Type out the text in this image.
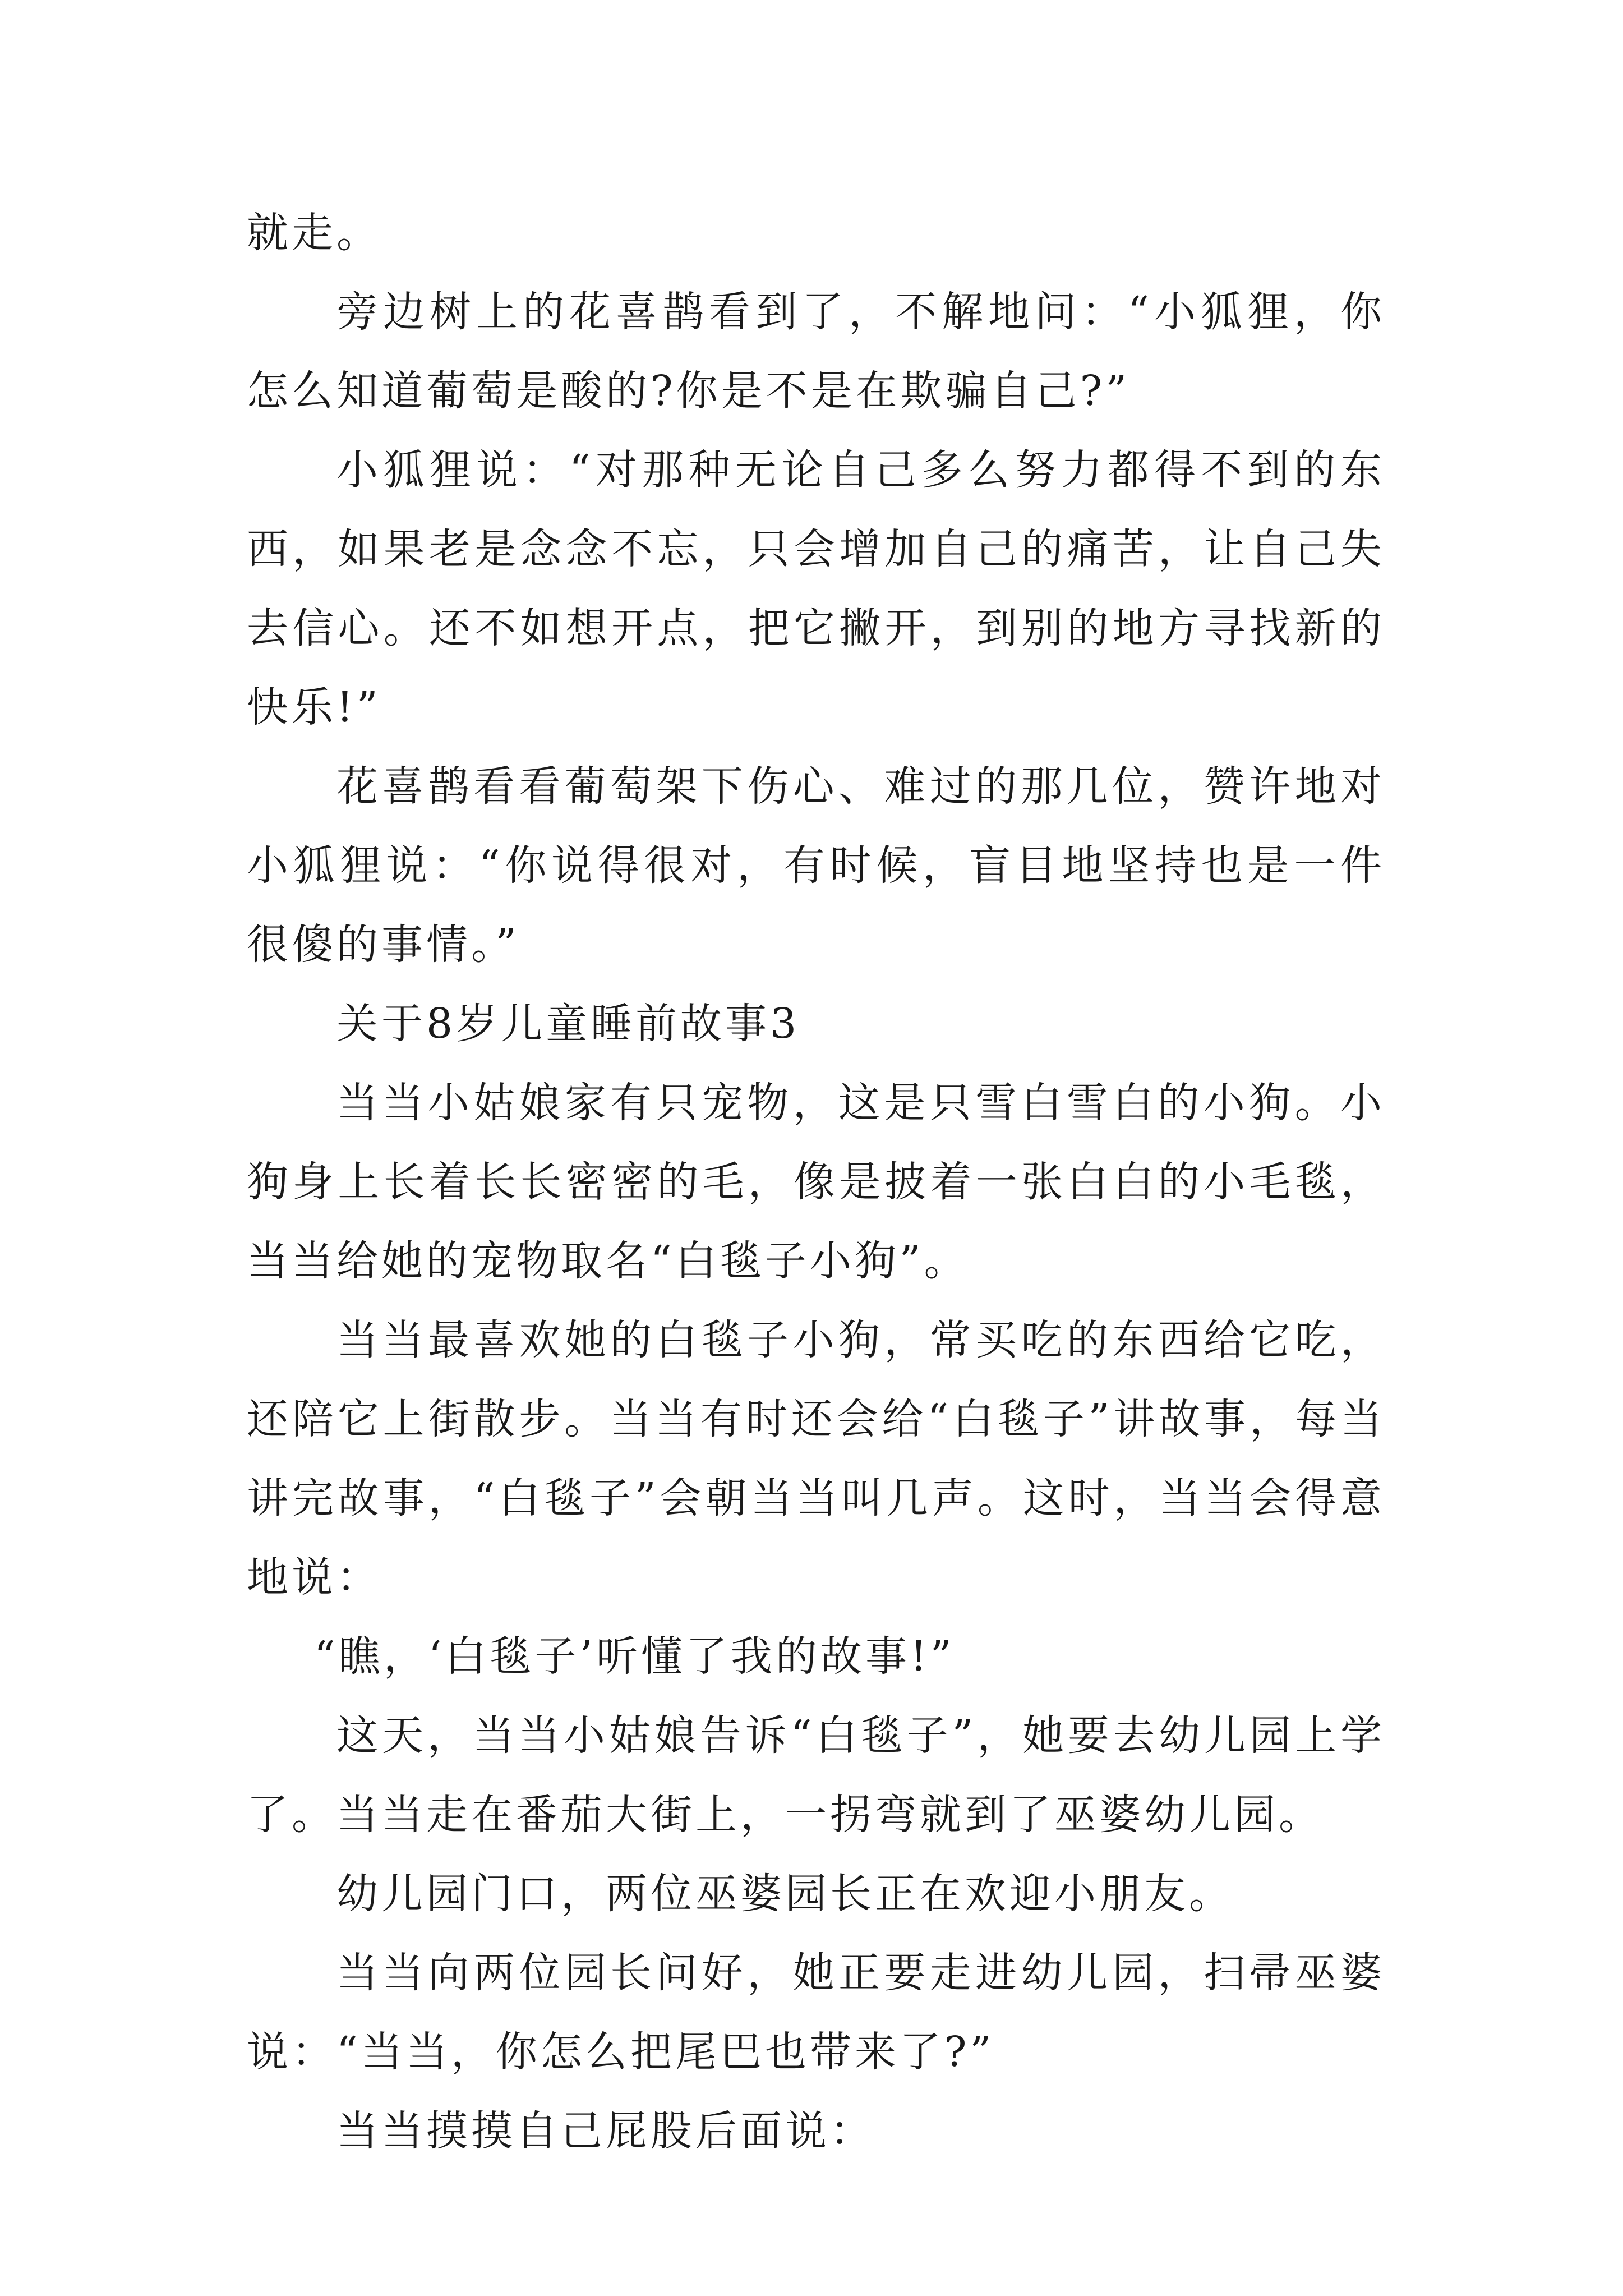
就走。

旁边树上的花喜鹊看到了，不解地问：“小狐狸，你怎么知道葡萄是酸的?你是不是在欺骗自己?”

小狐狸说：“对那种无论自己多么努力都得不到的东西，如果老是念念不忘，只会增加自己的痛苦，让自己失去信心。还不如想开点，把它撇开，到别的地方寻找新的快乐!”

花喜鹊看看葡萄架下伤心、难过的那几位，赞许地对小狐狸说：“你说得很对，有时候，盲目地坚持也是一件很傻的事情。”

关于8岁儿童睡前故事3

当当小姑娘家有只宠物，这是只雪白雪白的小狗。小狗身上长着长长密密的毛，像是披着一张白白的小毛毯，当当给她的宠物取名“白毯子小狗”。

当当最喜欢她的白毯子小狗，常买吃的东西给它吃，还陪它上街散步。当当有时还会给“白毯子”讲故事，每当讲完故事，“白毯子”会朝当当叫几声。这时，当当会得意地说：

“瞧，‘白毯子’听懂了我的故事!”

这天，当当小姑娘告诉“白毯子”，她要去幼儿园上学了。当当走在番茄大街上，一拐弯就到了巫婆幼儿园。

幼儿园门口，两位巫婆园长正在欢迎小朋友。

当当向两位园长问好，她正要走进幼儿园，扫帚巫婆说：“当当，你怎么把尾巴也带来了?”

当当摸摸自己屁股后面说：
